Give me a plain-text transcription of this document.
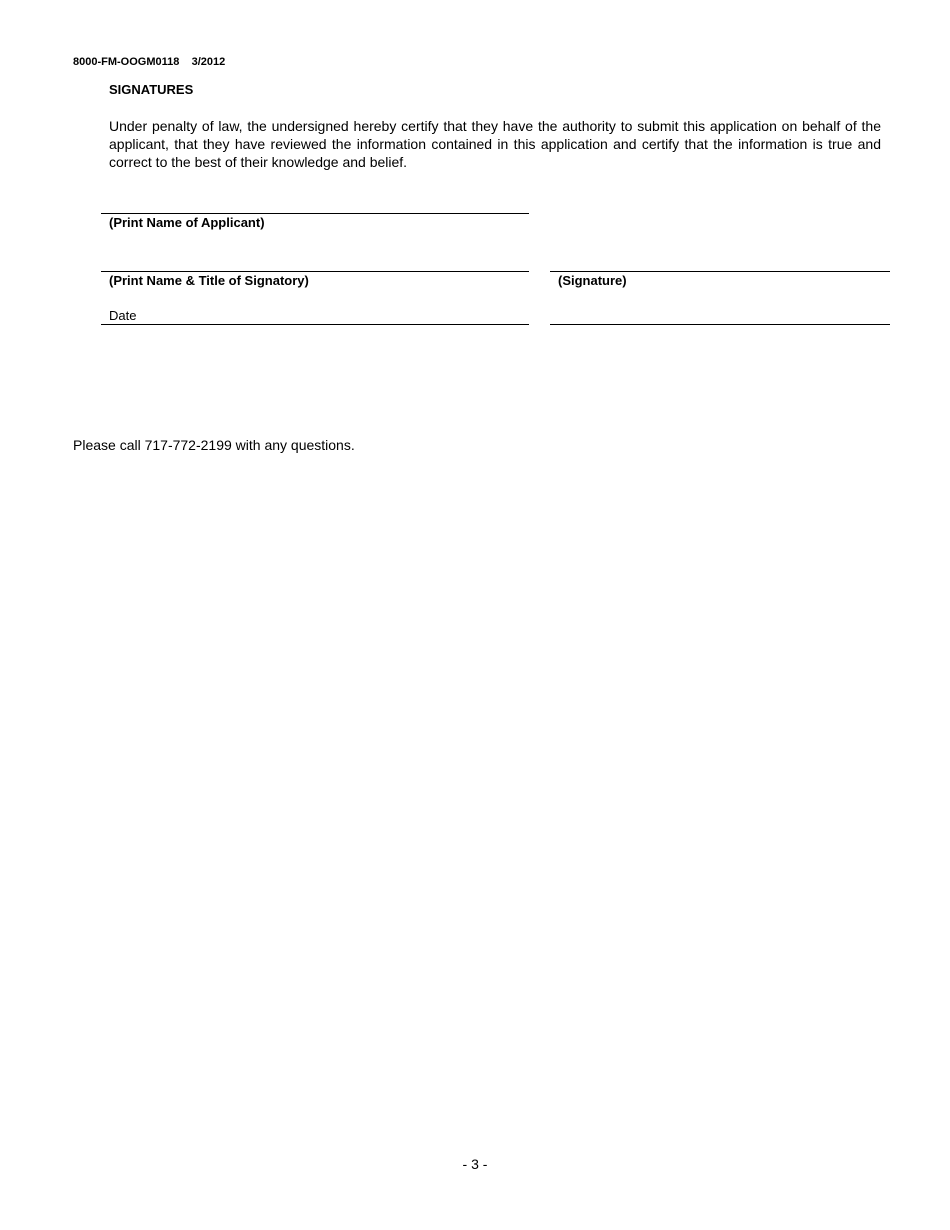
8000-FM-OOGM0118    3/2012
SIGNATURES
Under penalty of law, the undersigned hereby certify that they have the authority to submit this application on behalf of the applicant, that they have reviewed the information contained in this application and certify that the information is true and correct to the best of their knowledge and belief.
(Print Name of Applicant)
(Print Name & Title of Signatory)	(Signature)
Date
Please call 717-772-2199 with any questions.
- 3 -
